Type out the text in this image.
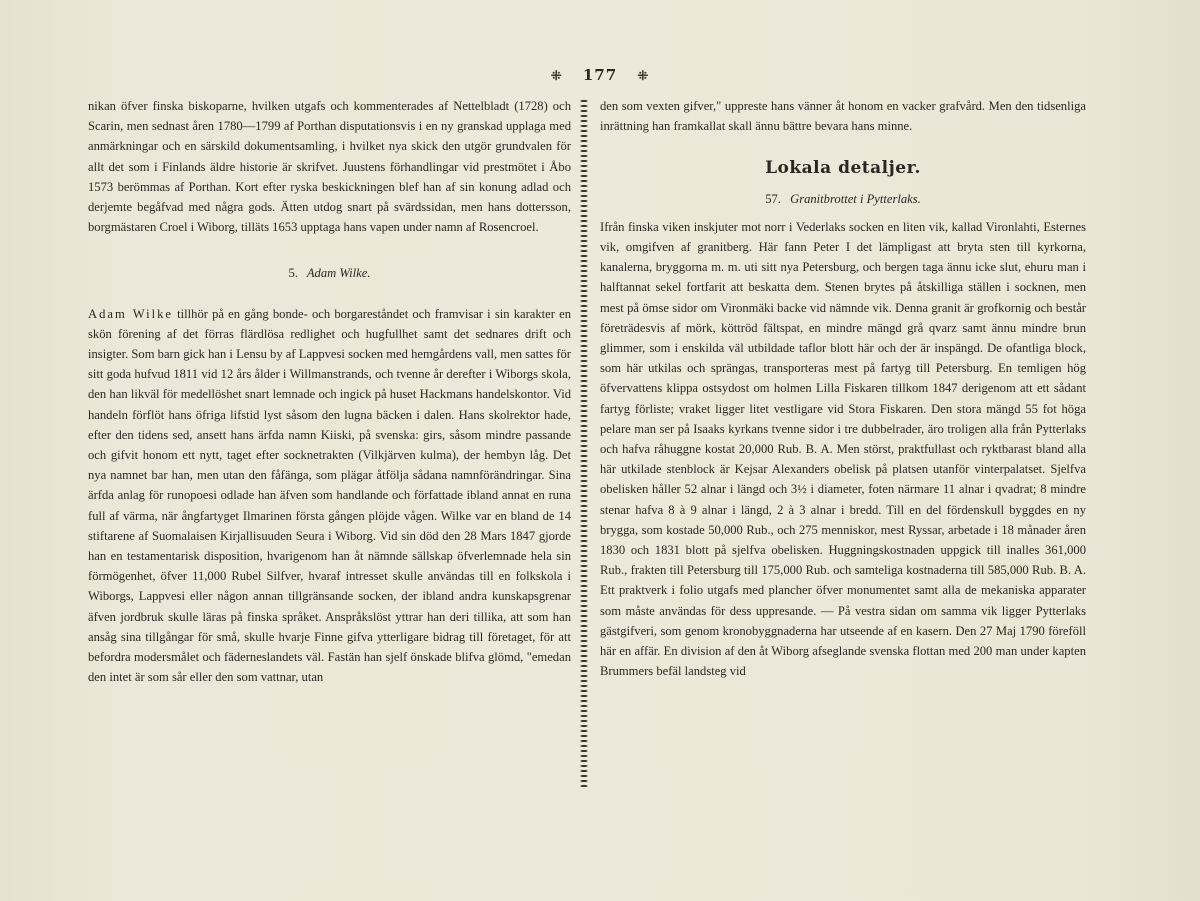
⁜ 177 ⁜

nikan öfver finska biskoparne, hvilken utgafs och kommenterades af Nettelbladt (1728) och Scarin, men sednast åren 1780—1799 af Porthan disputationsvis i en ny granskad upplaga med anmärkningar och en särskild dokumentsamling, i hvilket nya skick den utgör grundvalen för allt det som i Finlands äldre historie är skrifvet. Juustens förhandlingar vid prestmötet i Åbo 1573 berömmas af Porthan. Kort efter ryska beskickningen blef han af sin konung adlad och derjemte begåfvad med några gods. Ätten utdog snart på svärdssidan, men hans dottersson, borgmästaren Croel i Wiborg, tilläts 1653 upptaga hans vapen under namn af Rosencroel.

5. Adam Wilke.

Adam Wilke tillhör på en gång bonde- och borgareståndet och framvisar i sin karakter en skön förening af det förras flärdlösa redlighet och hugfullhet samt det sednares drift och insigter. Som barn gick han i Lensu by af Lappvesi socken med hemgårdens vall, men sattes för sitt goda hufvud 1811 vid 12 års ålder i Willmanstrands, och tvenne år derefter i Wiborgs skola, den han likväl för medellöshet snart lemnade och ingick på huset Hackmans handelskontor. Vid handeln förflöt hans öfriga lifstid lyst såsom den lugna bäcken i dalen. Hans skolrektor hade, efter den tidens sed, ansett hans ärfda namn Kiiski, på svenska: girs, såsom mindre passande och gifvit honom ett nytt, taget efter socknetrakten (Vilkjärven kulma), der hembyn låg. Det nya namnet bar han, men utan den fåfänga, som plägar åtfölja sådana namnförändringar. Sina ärfda anlag för runopoesi odlade han äfven som handlande och författade ibland annat en runa full af värma, när ångfartyget Ilmarinen första gången plöjde vågen. Wilke var en bland de 14 stiftarene af Suomalaisen Kirjallisuuden Seura i Wiborg. Vid sin död den 28 Mars 1847 gjorde han en testamentarisk disposition, hvarigenom han åt nämnde sällskap öfverlemnade hela sin förmögenhet, öfver 11,000 Rubel Silfver, hvaraf intresset skulle användas till en folkskola i Wiborgs, Lappvesi eller någon annan tillgränsande socken, der ibland andra kunskapsgrenar äfven jordbruk skulle läras på finska språket. Anspråkslöst yttrar han deri tillika, att som han ansåg sina tillgångar för små, skulle hvarje Finne gifva ytterligare bidrag till företaget, för att befordra modersmålet och fäderneslandets väl. Fastän han sjelf önskade blifva glömd, "emedan den intet är som sår eller den som vattnar, utan

den som vexten gifver," uppreste hans vänner åt honom en vacker grafvård. Men den tidsenliga inrättning han framkallat skall ännu bättre bevara hans minne.

Lokala detaljer.
57. Granitbrottet i Pytterlaks.

Ifrån finska viken inskjuter mot norr i Vederlaks socken en liten vik, kallad Vironlahti, Esternes vik, omgifven af granitberg. Här fann Peter I det lämpligast att bryta sten till kyrkorna, kanalerna, bryggorna m. m. uti sitt nya Petersburg, och bergen taga ännu icke slut, ehuru man i halftannat sekel fortfarit att beskatta dem. Stenen brytes på åtskilliga ställen i socknen, men mest på ömse sidor om Vironmäki backe vid nämnde vik. Denna granit är grofkornig och består företrädesvis af mörk, köttröd fältspat, en mindre mängd grå qvarz samt ännu mindre brun glimmer, som i enskilda väl utbildade taflor blott här och der är inspängd. De ofantliga block, som här utkilas och sprängas, transporteras mest på fartyg till Petersburg. En temligen hög öfvervattens klippa ostsydost om holmen Lilla Fiskaren tillkom 1847 derigenom att ett sådant fartyg förliste; vraket ligger litet vestligare vid Stora Fiskaren. Den stora mängd 55 fot höga pelare man ser på Isaaks kyrkans tvenne sidor i tre dubbelrader, äro troligen alla från Pytterlaks och hafva råhuggne kostat 20,000 Rub. B. A. Men störst, praktfullast och ryktbarast bland alla här utkilade stenblock är Kejsar Alexanders obelisk på platsen utanför vinterpalatset. Sjelfva obelisken håller 52 alnar i längd och 3½ i diameter, foten närmare 11 alnar i qvadrat; 8 mindre stenar hafva 8 à 9 alnar i längd, 2 à 3 alnar i bredd. Till en del fördenskull byggdes en ny brygga, som kostade 50,000 Rub., och 275 menniskor, mest Ryssar, arbetade i 18 månader åren 1830 och 1831 blott på sjelfva obelisken. Huggningskostnaden uppgick till inalles 361,000 Rub., frakten till Petersburg till 175,000 Rub. och samteliga kostnaderna till 585,000 Rub. B. A. Ett praktverk i folio utgafs med plancher öfver monumentet samt alla de mekaniska apparater som måste användas för dess uppresande. — På vestra sidan om samma vik ligger Pytterlaks gästgifveri, som genom kronobyggnaderna har utseende af en kasern. Den 27 Maj 1790 föreföll här en affär. En division af den åt Wiborg afseglande svenska flottan med 200 man under kapten Brummers befäl landsteg vid
